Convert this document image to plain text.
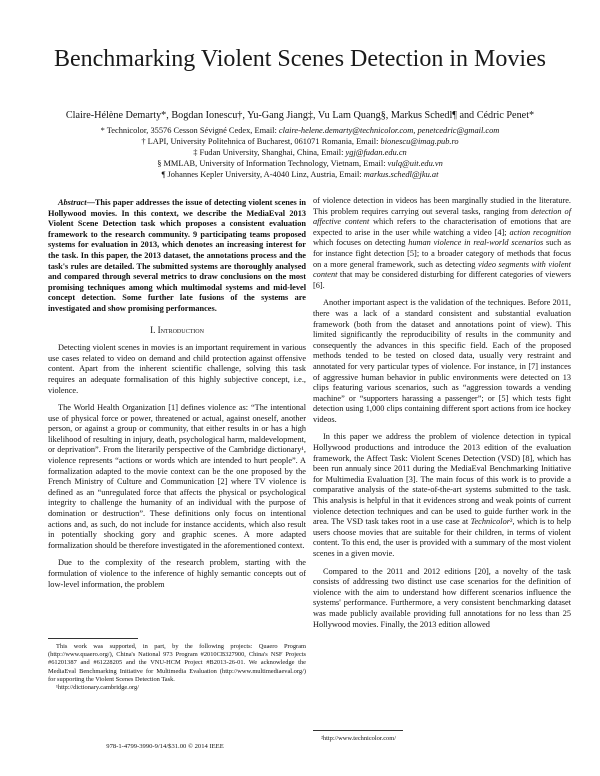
Benchmarking Violent Scenes Detection in Movies
Claire-Hélène Demarty*, Bogdan Ionescu†, Yu-Gang Jiang‡, Vu Lam Quang§, Markus Schedl¶ and Cédric Penet*
* Technicolor, 35576 Cesson Sévigné Cedex, Email: claire-helene.demarty@technicolor.com, penetcedric@gmail.com
† LAPI, University Politehnica of Bucharest, 061071 Romania, Email: bionescu@imag.pub.ro
‡ Fudan University, Shanghai, China, Email: ygj@fudan.edu.cn
§ MMLAB, University of Information Technology, Vietnam, Email: vulq@uit.edu.vn
¶ Johannes Kepler University, A-4040 Linz, Austria, Email: markus.schedl@jku.at

Abstract—This paper addresses the issue of detecting violent scenes in Hollywood movies. In this context, we describe the MediaEval 2013 Violent Scene Detection task which proposes a consistent evaluation framework to the research community. 9 participating teams proposed systems for evaluation in 2013, which denotes an increasing interest for the task. In this paper, the 2013 dataset, the annotations process and the task's rules are detailed. The submitted systems are thoroughly analysed and compared through several metrics to draw conclusions on the most promising techniques among which multimodal systems and mid-level concept detection. Some further late fusions of the systems are investigated and show promising performances.

I. Introduction

Detecting violent scenes in movies is an important requirement in various use cases related to video on demand and child protection against offensive content. Apart from the inherent scientific challenge, solving this task requires an adequate formalisation of this highly subjective concept, i.e., violence.

The World Health Organization [1] defines violence as: “The intentional use of physical force or power, threatened or actual, against oneself, another person, or against a group or community, that either results in or has a high likelihood of resulting in injury, death, psychological harm, maldevelopment, or deprivation”. From the literarily perspective of the Cambridge dictionary¹, violence represents “actions or words which are intended to hurt people”. A formalization adapted to the movie context can be the one proposed by the French Ministry of Culture and Communication [2] where TV violence is defined as an “unregulated force that affects the physical or psychological integrity to challenge the humanity of an individual with the purpose of domination or destruction”. These definitions only focus on intentional actions and, as such, do not include for instance accidents, which also result in potentially shocking gory and graphic scenes. A more adapted formalization should be therefore investigated in the aforementioned context.

Due to the complexity of the research problem, starting with the formulation of violence to the inference of highly semantic concepts out of low-level information, the problem

This work was supported, in part, by the following projects: Quaero Program (http://www.quaero.org/), China's National 973 Program #2010CB327900, China's NSF Projects #61201387 and #61228205 and the VNU-HCM Project #B2013-26-01. We acknowledge the MediaEval Benchmarking Initiative for Multimedia Evaluation (http://www.multimediaeval.org/) for supporting the Violent Scenes Detection Task.

¹http://dictionary.cambridge.org/

of violence detection in videos has been marginally studied in the literature. This problem requires carrying out several tasks, ranging from detection of affective content which refers to the characterisation of emotions that are expected to arise in the user while watching a video [4]; action recognition which focuses on detecting human violence in real-world scenarios such as for instance fight detection [5]; to a broader category of methods that focus on a more general framework, such as detecting video segments with violent content that may be considered disturbing for different categories of viewers [6].

Another important aspect is the validation of the techniques. Before 2011, there was a lack of a standard consistent and substantial evaluation framework (both from the dataset and annotations point of view). This limited significantly the reproducibility of results in the community and consequently the advances in this specific field. Each of the proposed methods tended to be tested on closed data, usually very restraint and annotated for very particular types of violence. For instance, in [7] instances of aggressive human behavior in public environments were detected on 13 clips featuring various scenarios, such as “aggression towards a vending machine” or “supporters harassing a passenger”; or [5] which tests fight detection using 1,000 clips containing different sport actions from ice hockey videos.

In this paper we address the problem of violence detection in typical Hollywood productions and introduce the 2013 edition of the evaluation framework, the Affect Task: Violent Scenes Detection (VSD) [8], which has been run annualy since 2011 during the MediaEval Benchmarking Initiative for Multimedia Evaluation [3]. The main focus of this work is to provide a comparative analysis of the state-of-the-art systems submitted to the task. This analysis is helpful in that it evidences strong and weak points of current violence detection techniques and can be used to guide further work in the area. The VSD task takes root in a use case at Technicolor², which is to help users choose movies that are suitable for their children, in terms of violent content. To this end, the user is provided with a summary of the most violent scenes in a given movie.

Compared to the 2011 and 2012 editions [20], a novelty of the task consists of addressing two distinct use case scenarios for the definition of violence with the aim to understand how different scenarios influence the systems' performance. Furthermore, a very consistent benchmarking dataset was made publicly available providing full annotations for no less than 25 Hollywood movies. Finally, the 2013 edition allowed

²http://www.technicolor.com/

978-1-4799-3990-9/14/$31.00 © 2014 IEEE
